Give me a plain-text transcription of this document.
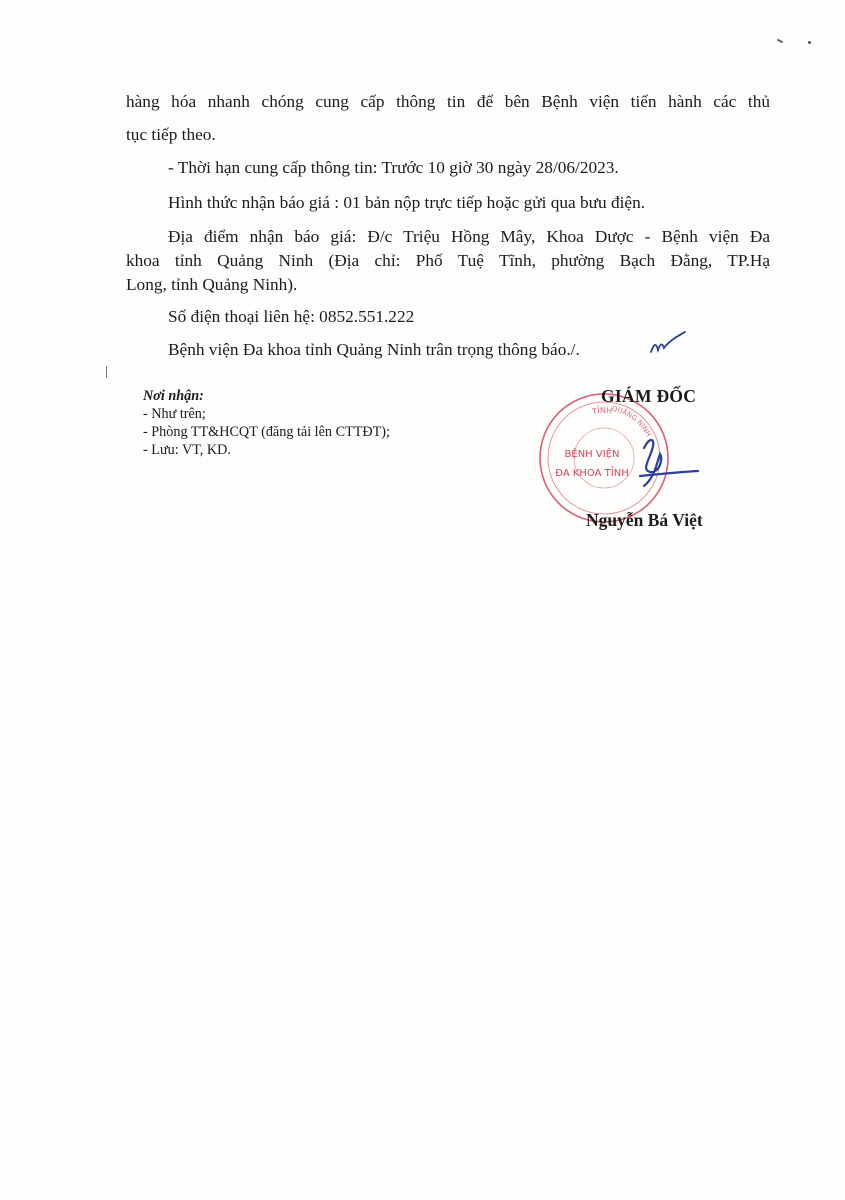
hàng hóa nhanh chóng cung cấp thông tin để bên Bệnh viện tiến hành các thủ
tục tiếp theo.
- Thời hạn cung cấp thông tin: Trước 10 giờ 30 ngày 28/06/2023.
Hình thức nhận báo giá : 01 bản nộp trực tiếp hoặc gửi qua bưu điện.
Địa điểm nhận báo giá: Đ/c Triệu Hồng Mây, Khoa Dược - Bệnh viện Đa
khoa tỉnh Quảng Ninh (Địa chỉ: Phố Tuệ Tĩnh, phường Bạch Đằng, TP.Hạ
Long, tỉnh Quảng Ninh).
Số điện thoại liên hệ: 0852.551.222
Bệnh viện Đa khoa tỉnh Quảng Ninh trân trọng thông báo./.
Nơi nhận:
- Như trên;
- Phòng TT&HCQT (đăng tải lên CTTĐT);
- Lưu: VT, KD.
TỈNH
QUẢNG NINH
BỆNH VIỆN
ĐA KHOA TỈNH
GIÁM ĐỐC
Nguyễn Bá Việt
